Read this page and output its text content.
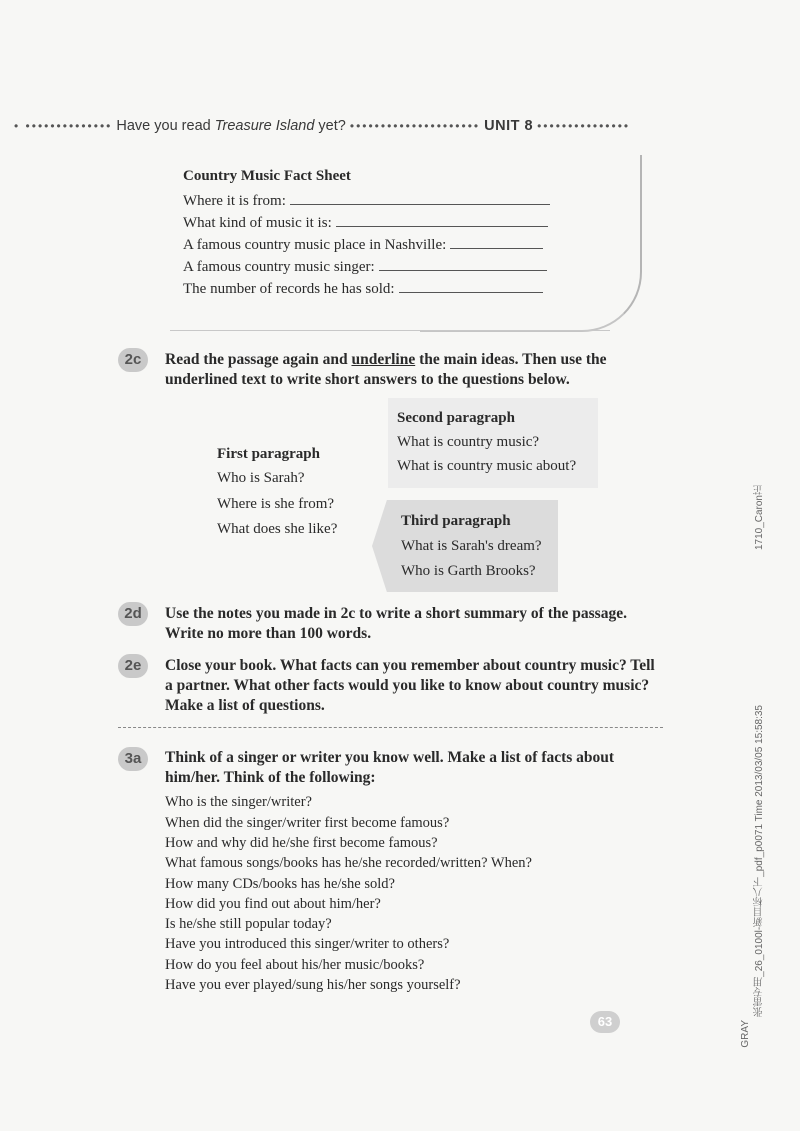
• •••••••••••••• Have you read Treasure Island yet? ••••••••••••••••••••• UNIT 8 •••••••••••••••
Country Music Fact Sheet
Where it is from:
What kind of music it is:
A famous country music place in Nashville:
A famous country music singer:
The number of records he has sold:
2c	Read the passage again and underline the main ideas. Then use the underlined text to write short answers to the questions below.
Second paragraph
What is country music?
What is country music about?
First paragraph
Who is Sarah?
Where is she from?
What does she like?	Third paragraph
What is Sarah's dream?
Who is Garth Brooks?
2d	Use the notes you made in 2c to write a short summary of the passage. Write no more than 100 words.
2e	Close your book. What facts can you remember about country music? Tell a partner. What other facts would you like to know about country music? Make a list of questions.
3a	Think of a singer or writer you know well. Make a list of facts about him/her. Think of the following:
Who is the singer/writer?
When did the singer/writer first become famous?
How and why did he/she first become famous?
What famous songs/books has he/she recorded/written? When?
How many CDs/books has he/she sold?
How did you find out about him/her?
Is he/she still popular today?
Have you introduced this singer/writer to others?
How do you feel about his/her music/books?
Have you ever played/sung his/her songs yourself?
63
1710_Caron芷
张雷专用_26_0100l-新目标八下_pdf_p0071 Time 2013/03/05 15:58:35
GRAY
